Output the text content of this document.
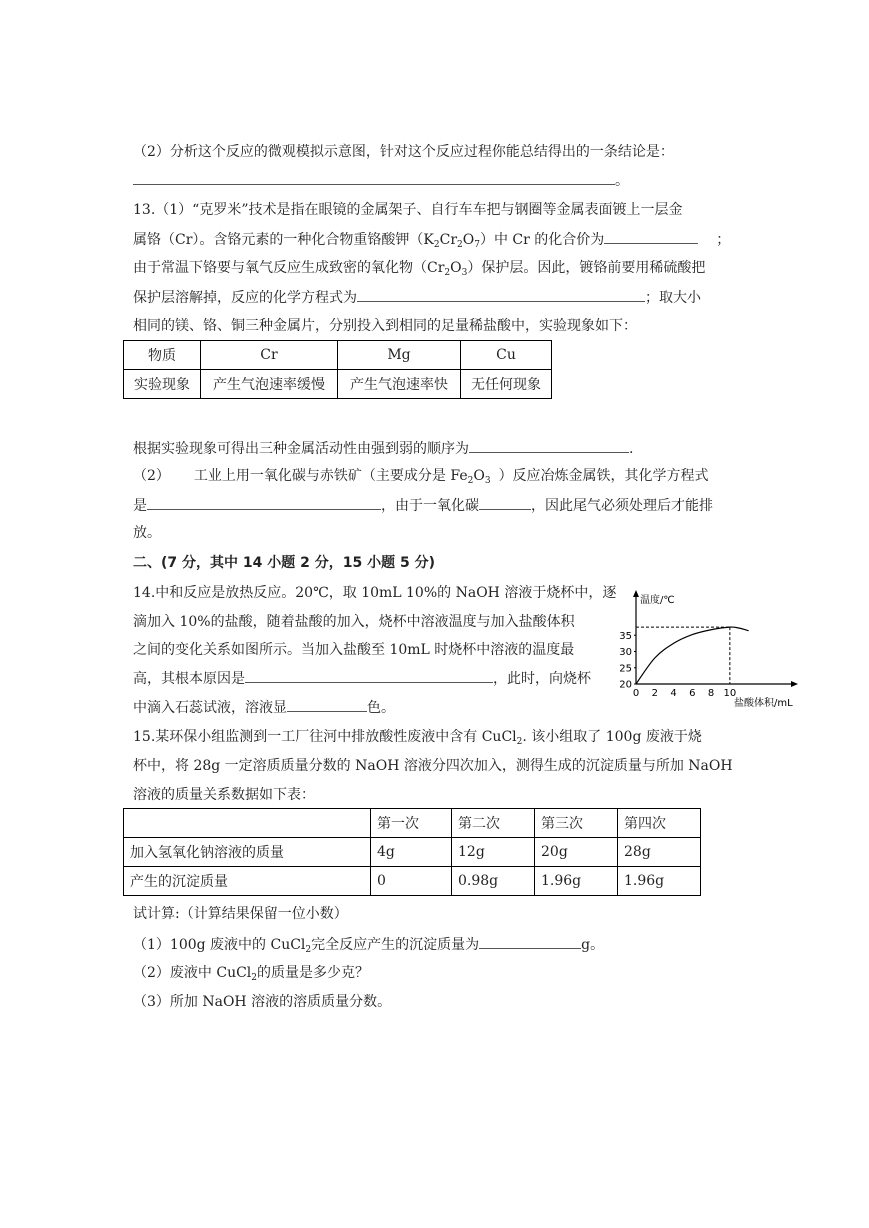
（2）分析这个反应的微观模拟示意图，针对这个反应过程你能总结得出的一条结论是：
。
13.（1）“克罗米”技术是指在眼镜的金属架子、自行车车把与钢圈等金属表面镀上一层金
属铬（Cr）。含铬元素的一种化合物重铬酸钾$(K_2Cr_2O_7)$中 Cr 的化合价为	；
由于常温下铬要与氧气反应生成致密的氧化物$(Cr_2O_3)$保护层。因此，镀铬前要用稀硫酸把
保护层溶解掉，反应的化学方程式为	；取大小
相同的镁、铬、铜三种金属片，分别投入到相同的足量稀盐酸中，实验现象如下：
物质	Cr	Mg	Cu
实验现象	产生气泡速率缓慢	产生气泡速率快	无任何现象
根据实验现象可得出三种金属活动性由强到弱的顺序为	.
（2） 工业上用一氧化碳与赤铁矿（主要成分是 $Fe_2O_3$ ）反应冶炼金属铁，其化学方程式
是	，由于一氧化碳	，因此尾气必须处理后才能排
放。
二、(7 分，其中 14 小题 2 分，15 小题 5 分)
14.中和反应是放热反应。20℃，取 10mL 10%的 NaOH 溶液于烧杯中，逐
滴加入 10%的盐酸，随着盐酸的加入，烧杯中溶液温度与加入盐酸体积
之间的变化关系如图所示。当加入盐酸至 10mL 时烧杯中溶液的温度最
高，其根本原因是	，此时，向烧杯
中滴入石蕊试液，溶液显	色。
温度/℃
盐酸体积/mL
0 2 4 6 8 10
20
25
30
35
15.某环保小组监测到一工厂往河中排放酸性废液中含有 CuCl$_2$. 该小组取了 100g 废液于烧
杯中，将 28g 一定溶质质量分数的 NaOH 溶液分四次加入，测得生成的沉淀质量与所加 NaOH
溶液的质量关系数据如下表：
	第一次	第二次	第三次	第四次
加入氢氧化钠溶液的质量	4g	12g	20g	28g
产生的沉淀质量	0	0.98g	1.96g	1.96g
试计算:（计算结果保留一位小数）
（1）100g 废液中的 CuCl$_2$完全反应产生的沉淀质量为	g。
（2）废液中 CuCl$_2$的质量是多少克？
（3）所加 NaOH 溶液的溶质质量分数。
